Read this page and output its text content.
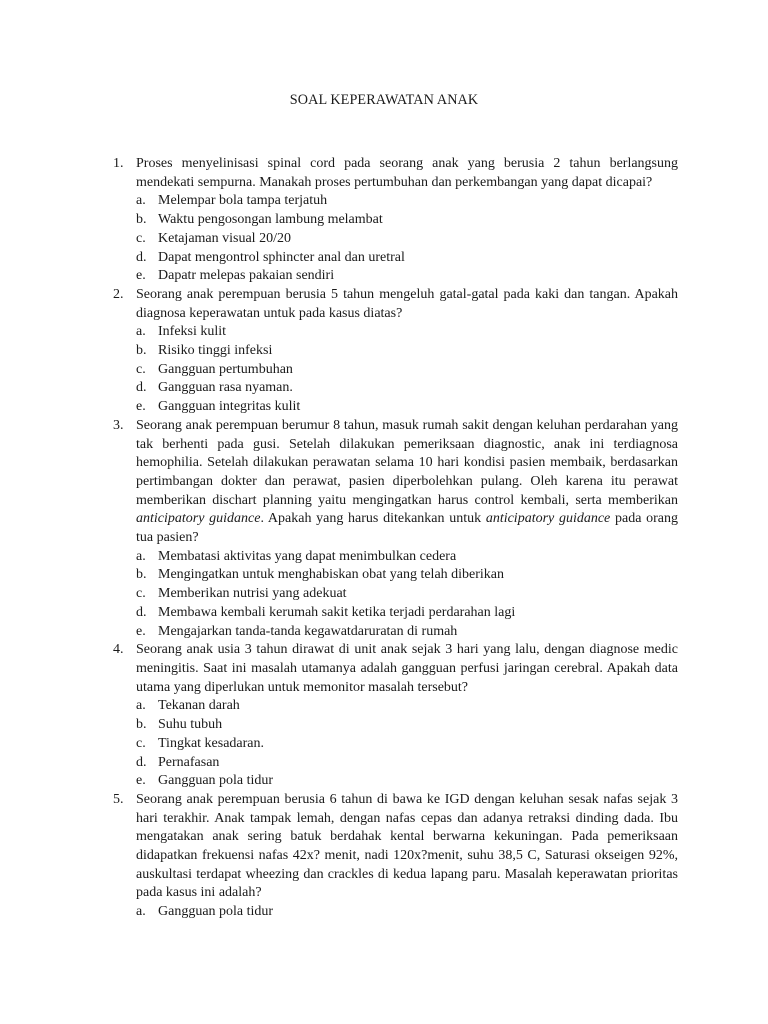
SOAL KEPERAWATAN ANAK
1. Proses menyelinisasi spinal cord pada seorang anak yang berusia 2 tahun berlangsung mendekati sempurna. Manakah proses pertumbuhan dan perkembangan yang dapat dicapai?

a. Melempar bola tampa terjatuh
b. Waktu pengosongan lambung melambat
c. Ketajaman visual 20/20
d. Dapat mengontrol sphincter anal dan uretral
e. Dapatr melepas pakaian sendiri
2. Seorang anak perempuan berusia 5 tahun mengeluh gatal-gatal pada kaki dan tangan. Apakah diagnosa keperawatan untuk pada kasus diatas?

a. Infeksi kulit
b. Risiko tinggi infeksi
c. Gangguan pertumbuhan
d. Gangguan rasa nyaman.
e. Gangguan integritas kulit
3. Seorang anak perempuan berumur 8 tahun, masuk rumah sakit dengan keluhan perdarahan yang tak berhenti pada gusi. Setelah dilakukan pemeriksaan diagnostic, anak ini terdiagnosa hemophilia. Setelah dilakukan perawatan selama 10 hari kondisi pasien membaik, berdasarkan pertimbangan dokter dan perawat, pasien diperbolehkan pulang. Oleh karena itu perawat memberikan dischart planning yaitu mengingatkan harus control kembali, serta memberikan anticipatory guidance. Apakah yang harus ditekankan untuk anticipatory guidance pada orang tua pasien?

a. Membatasi aktivitas yang dapat menimbulkan cedera
b. Mengingatkan untuk menghabiskan obat yang telah diberikan
c. Memberikan nutrisi yang adekuat
d. Membawa kembali kerumah sakit ketika terjadi perdarahan lagi
e. Mengajarkan tanda-tanda kegawatdaruratan di rumah
4. Seorang anak usia 3 tahun dirawat di unit anak sejak 3 hari yang lalu, dengan diagnose medic meningitis. Saat ini masalah utamanya adalah gangguan perfusi jaringan cerebral. Apakah data utama yang diperlukan untuk memonitor masalah tersebut?

a. Tekanan darah
b. Suhu tubuh
c. Tingkat kesadaran.
d. Pernafasan
e. Gangguan pola tidur
5. Seorang anak perempuan berusia 6 tahun di bawa ke IGD dengan keluhan sesak nafas sejak 3 hari terakhir. Anak tampak lemah, dengan nafas cepas dan adanya retraksi dinding dada. Ibu mengatakan anak sering batuk berdahak kental berwarna kekuningan. Pada pemeriksaan didapatkan frekuensi nafas 42x? menit, nadi 120x?menit, suhu 38,5 C, Saturasi okseigen 92%, auskultasi terdapat wheezing dan crackles di kedua lapang paru. Masalah keperawatan prioritas pada kasus ini adalah?

a. Gangguan pola tidur
